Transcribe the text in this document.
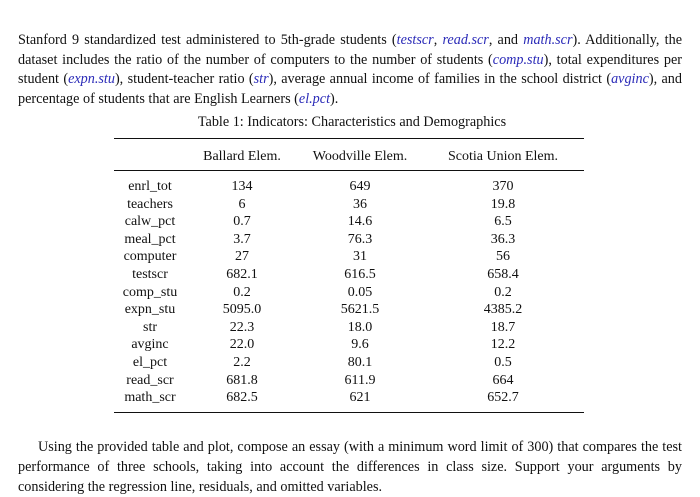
Stanford 9 standardized test administered to 5th-grade students (testscr, read.scr, and math.scr). Additionally, the dataset includes the ratio of the number of computers to the number of students (comp.stu), total expenditures per student (expn.stu), student-teacher ratio (str), average annual income of families in the school district (avginc), and percentage of students that are English Learners (el.pct).

Table 1: Indicators: Characteristics and Demographics
	Ballard Elem.	Woodville Elem.	Scotia Union Elem.
enrl_tot	134	649	370
teachers	6	36	19.8
calw_pct	0.7	14.6	6.5
meal_pct	3.7	76.3	36.3
computer	27	31	56
testscr	682.1	616.5	658.4
comp_stu	0.2	0.05	0.2
expn_stu	5095.0	5621.5	4385.2
str	22.3	18.0	18.7
avginc	22.0	9.6	12.2
el_pct	2.2	80.1	0.5
read_scr	681.8	611.9	664
math_scr	682.5	621	652.7

Using the provided table and plot, compose an essay (with a minimum word limit of 300) that compares the test performance of three schools, taking into account the differences in class size. Support your arguments by considering the regression line, residuals, and omitted variables.
